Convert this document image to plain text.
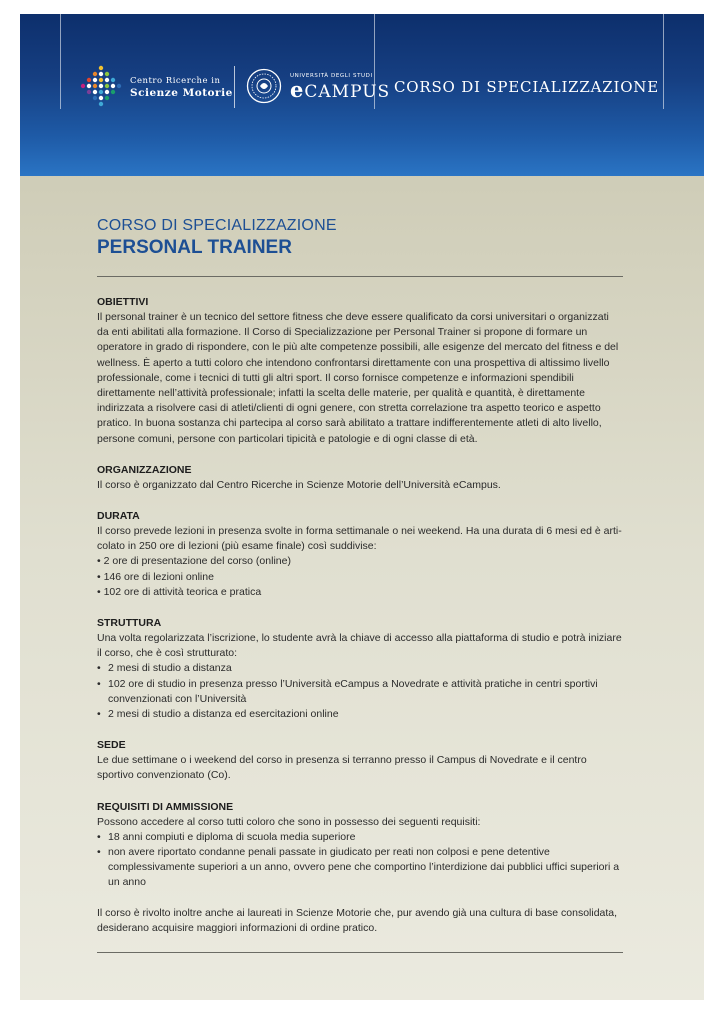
Centro Ricerche in
Scienze Motorie
UNIVERSITÀ DEGLI STUDI
eCAMPUS CORSO DI SPECIALIZZAZIONE
CORSO DI SPECIALIZZAZIONE
PERSONAL TRAINER
OBIETTIVI

Il personal trainer è un tecnico del settore fitness che deve essere qualificato da corsi universitari o organizzati da enti abilitati alla formazione. Il Corso di Specializzazione per Personal Trainer si propone di formare un operatore in grado di rispondere, con le più alte competenze possibili, alle esigenze del mercato del fitness e del wellness. È aperto a tutti coloro che intendono confrontarsi direttamente con una prospettiva di altissimo livello professionale, come i tecnici di tutti gli altri sport. Il corso fornisce competenze e informazioni spendibili direttamente nell’attività professionale; infatti la scelta delle materie, per qualità e quantità, è direttamente indirizzata a risolvere casi di atleti/clienti di ogni genere, con stretta correlazione tra aspetto teorico e aspetto pratico. In buona sostanza chi partecipa al corso sarà abilitato a trattare indifferentemente atleti di alto livello, persone comuni, persone con particolari tipicità e patologie e di ogni classe di età.

ORGANIZZAZIONE

Il corso è organizzato dal Centro Ricerche in Scienze Motorie dell’Università eCampus.

DURATA

Il corso prevede lezioni in presenza svolte in forma settimanale o nei weekend. Ha una durata di 6 mesi ed è articolato in 250 ore di lezioni (più esame finale) così suddivise:

• 2 ore di presentazione del corso (online)
• 146 ore di lezioni online
• 102 ore di attività teorica e pratica
STRUTTURA

Una volta regolarizzata l’iscrizione, lo studente avrà la chiave di accesso alla piattaforma di studio e potrà iniziare il corso, che è così strutturato:

• 2 mesi di studio a distanza
• 102 ore di studio in presenza presso l’Università eCampus a Novedrate e attività pratiche in centri sportivi convenzionati con l’Università
• 2 mesi di studio a distanza ed esercitazioni online
SEDE

Le due settimane o i weekend del corso in presenza si terranno presso il Campus di Novedrate e il centro sportivo convenzionato (Co).

REQUISITI DI AMMISSIONE

Possono accedere al corso tutti coloro che sono in possesso dei seguenti requisiti:

• 18 anni compiuti e diploma di scuola media superiore
• non avere riportato condanne penali passate in giudicato per reati non colposi e pene detentive complessivamente superiori a un anno, ovvero pene che comportino l’interdizione dai pubblici uffici superiori a un anno

Il corso è rivolto inoltre anche ai laureati in Scienze Motorie che, pur avendo già una cultura di base consolidata, desiderano acquisire maggiori informazioni di ordine pratico.
